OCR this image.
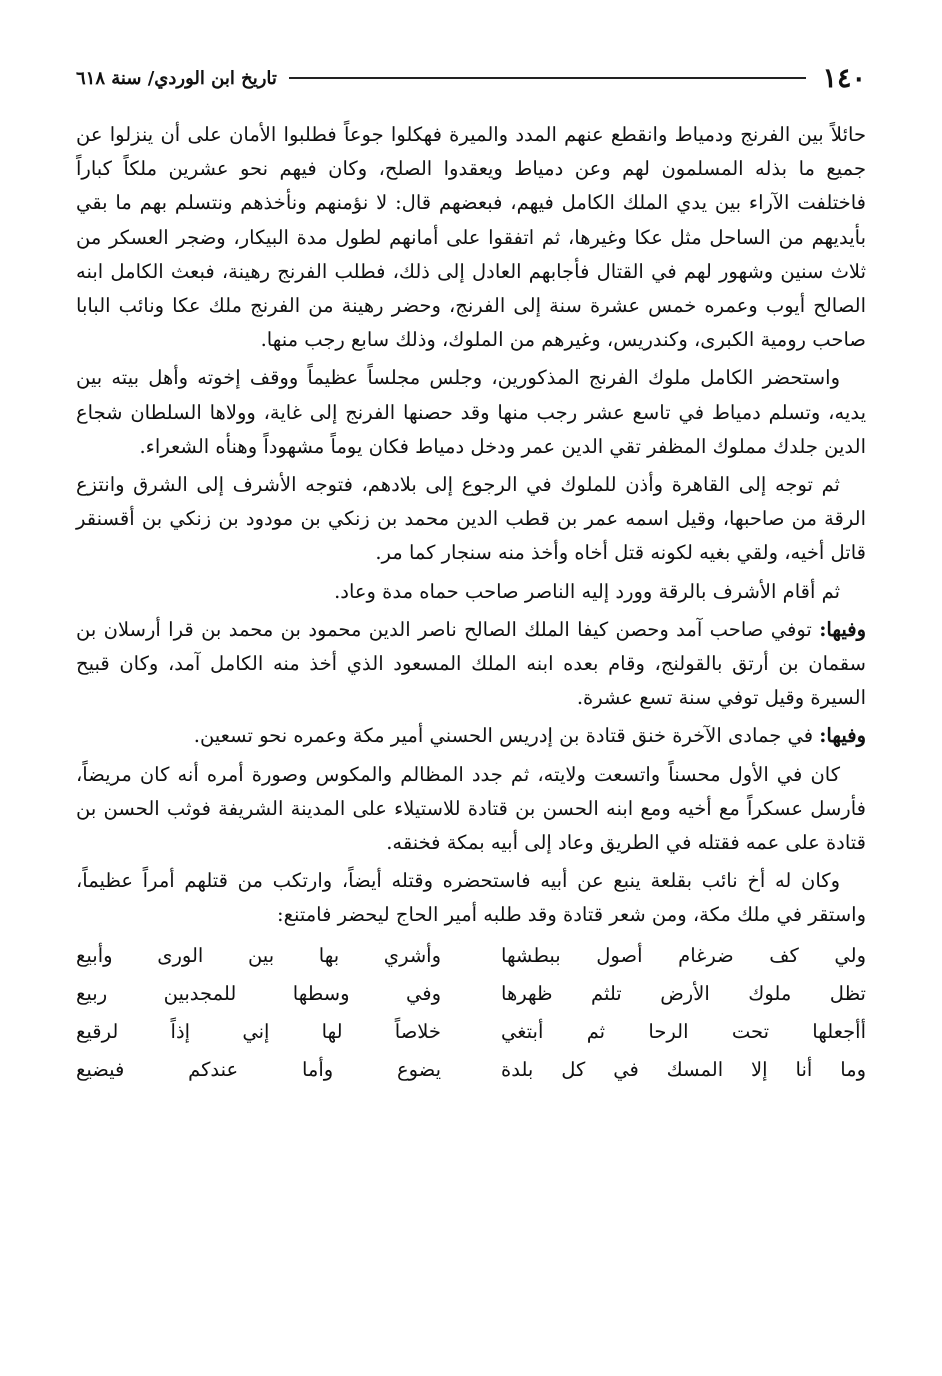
١٤٠
تاريخ ابن الوردي/ سنة ٦١٨

حائلاً بين الفرنج ودمياط وانقطع عنهم المدد والميرة فهكلوا جوعاً فطلبوا الأمان على أن ينزلوا عن جميع ما بذله المسلمون لهم وعن دمياط ويعقدوا الصلح، وكان فيهم نحو عشرين ملكاً كباراً فاختلفت الآراء بين يدي الملك الكامل فيهم، فبعضهم قال: لا نؤمنهم ونأخذهم ونتسلم بهم ما بقي بأيديهم من الساحل مثل عكا وغيرها، ثم اتفقوا على أمانهم لطول مدة البيكار، وضجر العسكر من ثلاث سنين وشهور لهم في القتال فأجابهم العادل إلى ذلك، فطلب الفرنج رهينة، فبعث الكامل ابنه الصالح أيوب وعمره خمس عشرة سنة إلى الفرنج، وحضر رهينة من الفرنج ملك عكا ونائب البابا صاحب رومية الكبرى، وكندريس، وغيرهم من الملوك، وذلك سابع رجب منها.

واستحضر الكامل ملوك الفرنج المذكورين، وجلس مجلساً عظيماً ووقف إخوته وأهل بيته بين يديه، وتسلم دمياط في تاسع عشر رجب منها وقد حصنها الفرنج إلى غاية، وولاها السلطان شجاع الدين جلدك مملوك المظفر تقي الدين عمر ودخل دمياط فكان يوماً مشهوداً وهنأه الشعراء.

ثم توجه إلى القاهرة وأذن للملوك في الرجوع إلى بلادهم، فتوجه الأشرف إلى الشرق وانتزع الرقة من صاحبها، وقيل اسمه عمر بن قطب الدين محمد بن زنكي بن مودود بن زنكي بن أقسنقر قاتل أخيه، ولقي بغيه لكونه قتل أخاه وأخذ منه سنجار كما مر.

ثم أقام الأشرف بالرقة وورد إليه الناصر صاحب حماه مدة وعاد.

وفيها: توفي صاحب آمد وحصن كيفا الملك الصالح ناصر الدين محمود بن محمد بن قرا أرسلان بن سقمان بن أرتق بالقولنج، وقام بعده ابنه الملك المسعود الذي أخذ منه الكامل آمد، وكان قبيح السيرة وقيل توفي سنة تسع عشرة.

وفيها: في جمادى الآخرة خنق قتادة بن إدريس الحسني أمير مكة وعمره نحو تسعين.

كان في الأول محسناً واتسعت ولايته، ثم جدد المظالم والمكوس وصورة أمره أنه كان مريضاً، فأرسل عسكراً مع أخيه ومع ابنه الحسن بن قتادة للاستيلاء على المدينة الشريفة فوثب الحسن بن قتادة على عمه فقتله في الطريق وعاد إلى أبيه بمكة فخنقه.

وكان له أخ نائب بقلعة ينبع عن أبيه فاستحضره وقتله أيضاً، وارتكب من قتلهم أمراً عظيماً، واستقر في ملك مكة، ومن شعر قتادة وقد طلبه أمير الحاج ليحضر فامتنع:

ولي كف ضرغام أصول ببطشها
وأشري بها بين الورى وأبيع
تظل ملوك الأرض تلثم ظهرها
وفي وسطها للمجدبين ربيع
أأجعلها تحت الرحا ثم أبتغي
خلاصاً لها إني إذاً لرقيع
وما أنا إلا المسك في كل بلدة
يضوع وأما عندكم فيضيع
